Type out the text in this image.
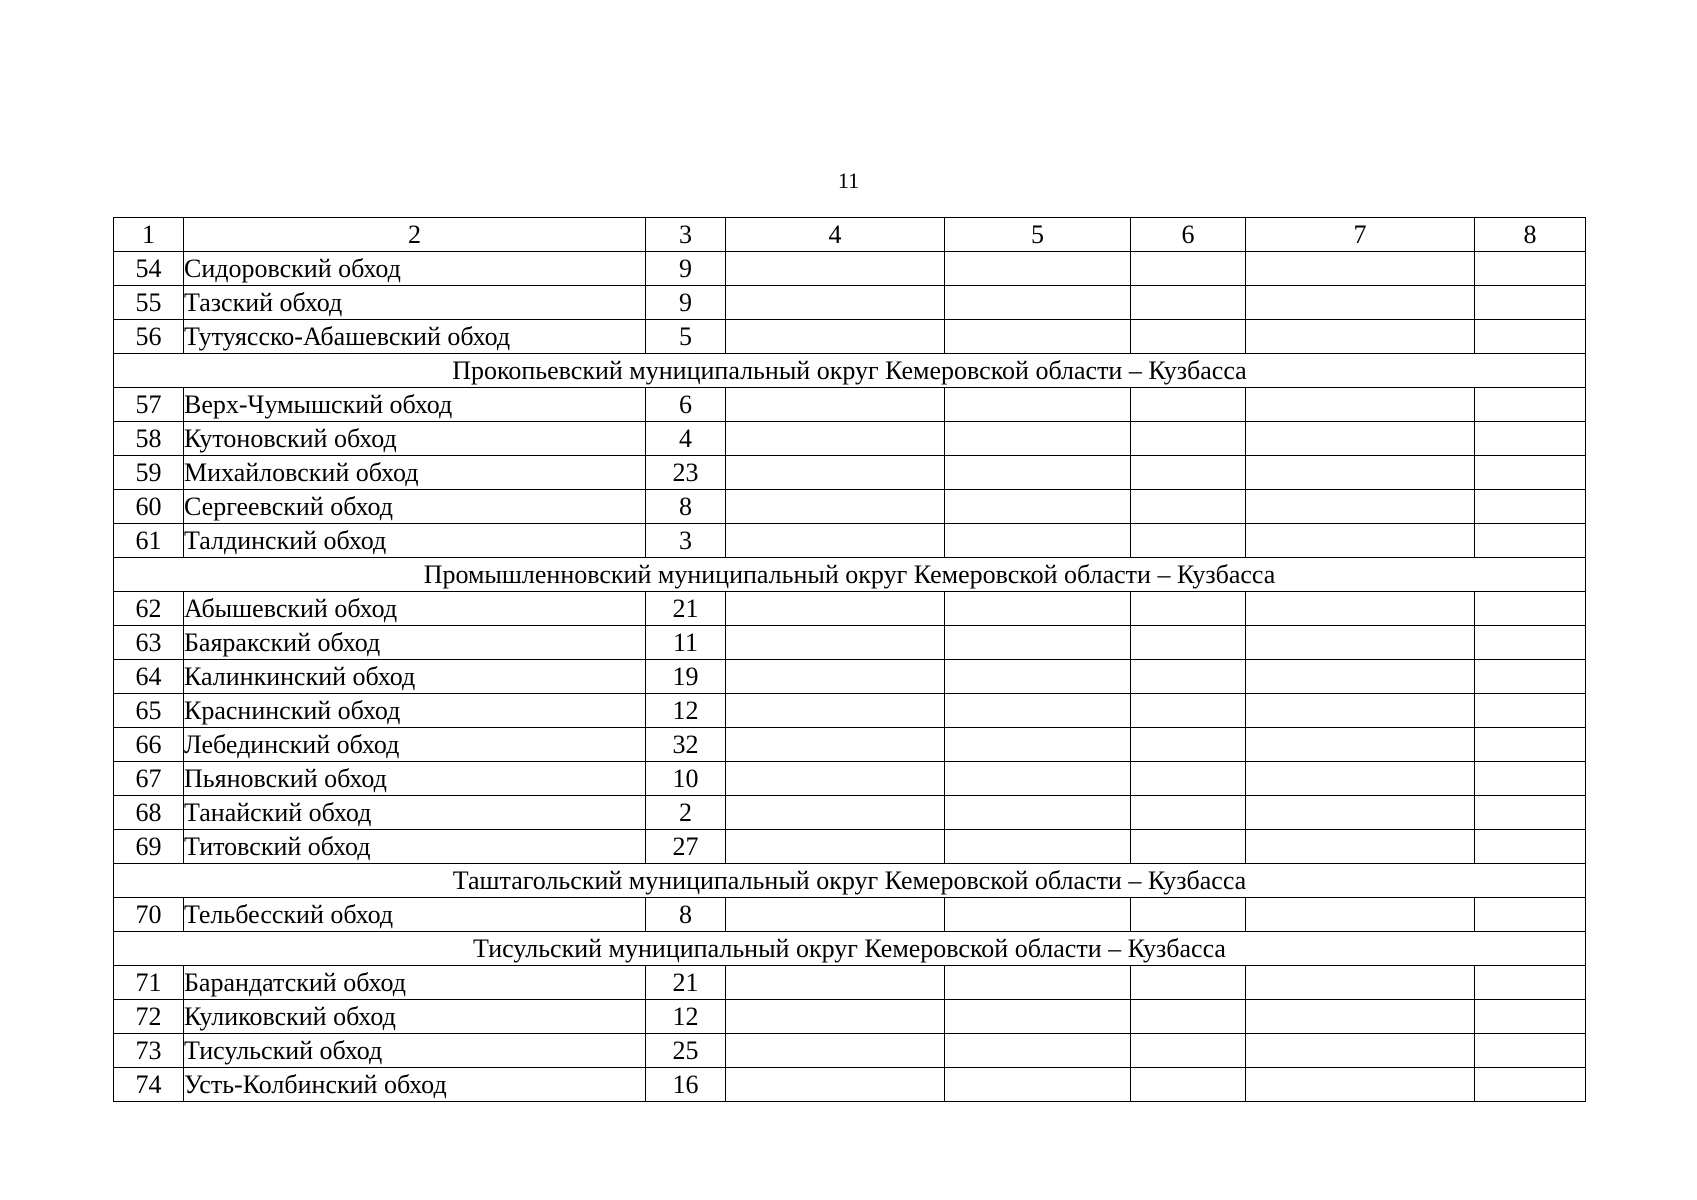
11
1	2	3	4	5	6	7	8
54	Сидоровский обход	9					
55	Тазский обход	9					
56	Тутуясско-Абашевский обход	5					
Прокопьевский муниципальный округ Кемеровской области – Кузбасса							
57	Верх-Чумышский обход	6					
58	Кутоновский обход	4					
59	Михайловский обход	23					
60	Сергеевский обход	8					
61	Талдинский обход	3					
Промышленновский муниципальный округ Кемеровской области – Кузбасса							
62	Абышевский обход	21					
63	Баяракский обход	11					
64	Калинкинский обход	19					
65	Краснинский обход	12					
66	Лебединский обход	32					
67	Пьяновский обход	10					
68	Танайский обход	2					
69	Титовский обход	27					
Таштагольский муниципальный округ Кемеровской области – Кузбасса							
70	Тельбесский обход	8					
Тисульский муниципальный округ Кемеровской области – Кузбасса							
71	Барандатский обход	21					
72	Куликовский обход	12					
73	Тисульский обход	25					
74	Усть-Колбинский обход	16					
